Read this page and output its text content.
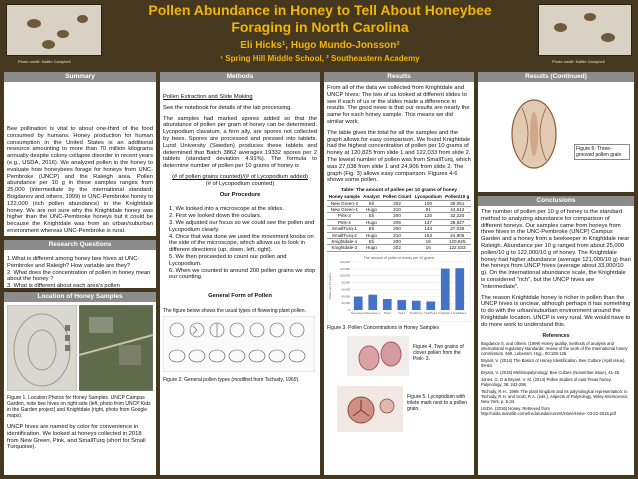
Photo credit: Kaitlin Campbell	Photo credit: Kaitlin Campbell
Pollen Abundance in Honey to Tell About Honeybee
Foraging in North Carolina
Eli Hicks¹, Hugo Mundo-Jonsson²
¹ Spring Hill Middle School, ² Southeastern Academy
Summary
Bee pollination is vital to about one-third of the food consumed by humans. Honey production for human consumption in the United States is an additional resource amounting to more than 70 million kilograms annually despite colony collapse disorder in recent years (e.g., USDA, 2016). We analyzed pollen in the honey to evaluate how honeybees forage for honeys from UNC-Pembroke (UNCP) and the Raleigh area. Pollen abundance per 10 g in these samples ranges from 25,000 (intermediate by the international standard; Bogdanov and others, 1999) in UNC-Pembroke honey to 122,000 (rich pollen abundance) in the Knightdale honey. We are not sure why the Knightdale honey was higher than the UNC-Pembroke honeys but it could be because the Knightdale was from an urban/suburban environment whereas UNC-Pembroke is rural.
Research Questions
1.What is different among honey bee hives at UNC-Pembroke and Raleigh? How variable are they?
2. What does the concentration of pollen in honey mean about the honey ?
3. What is different about each area's pollen
Location of Honey Samples
Figure 1. Location Photos for Honey Samples. UNCP Campus Garden, note bee hives on right side (left, photo from UNCP Kids in the Garden project) and Knightdale (right, photo from Google maps).
UNCP hives are named by color for convenience in identification. We looked at honeys collected in 2018 from New Green, Pink, and SmallTurq (short for Small Turquoise).
Methods
Pollen Extraction and Slide Making
See the notebook for details of the lab processing.
The samples had marked spores added so that the abundance of pollen per gram of honey can be determined. Lycopodium clavatum, a fern ally, are spores not collected by bees. Spores are processed and pressed into tablets. Lund University (Sweden) produces these tablets and determined that Batch 3862 averages 19332 spores per 2 tablets (standard deviation 4.91%). The formula to determine number of pollen per 10 grams of honey is
(# of pollen grains counted)/(# of Lycopodium added)
(# of Lycopodium counted)
Our Procedure
1. We looked into a microscope at the slides.
2. First we looked down the oculars.
3. We adjusted our focus so we could see the pollen and Lycopodium clearly.
4. Once that was done we used the movement knobs on the side of the microscope, which allows us to look in different directions (up, down, left, right).
5. We then proceeded to count our pollen and Lycopodium.
6. When we counted to around 200 pollen grains we stop our counting.
General Form of Pollen
The figure below shows the usual types of flowering plant pollen.
Figure 2: General pollen types (modified from Tschudy, 1969).
Results
From all of the data we collected from Knightdale and UNCP hives: The two of us looked at different slides to see if each of us or the slides made a difference in results. The good news is that our results are nearly the same for each honey sample. This means we did similar work.
The table gives the total for all the samples and the graph allows for easy comparison. We found Knightdale had the highest concentration of pollen per 10 grams of honey at 120,825 from slide 1 and 122,033 from slide 2. The lowest number of pollen was from SmallTurq, which was 27,038 from slide 1 and 24,906 from slide 2. The graph (Fig. 3) allows easy comparison. Figures 4-6 shows some pollen.
Table: The amount of pollen per 10 grams of honey
Honey sample	Analyst	Pollen Count	Lycopodium	Pollen/10 g
New Green-2	Eli	202	100	39,051
New Green-1	Hugo	210	91	44,612
Pink-3	Eli	200	120	32,220
Pink-4	Hugo	205	137	28,927
SmallTurq-1	Eli	200	143	27,038
SmallTurq-2	Hugo	210	163	24,906
Knightdale-1	Eli	200	16	120,825
Knightdale-2	Hugo	202	16	122,033
The amount of pollen in honey per 10 grams
140,000
120,000
100,000
80,000
60,000
40,000
20,000
0
Pollen per 10 grams
New Green-2 New Green-1 Pink-3	Pink-4 SmallTurq-1 SmallTurq-2 Knightdale-1 Knightdale-2
Figure 3. Pollen Concentrations in Honey Samples
Figure 4. Two grains of clover pollen from the Pink- 3.
Figure 5. Lycopodium with trilete mark next to a pollen grain.
Results (Continued)
Figure 6: Three-grooved pollen grain
Conclusions
The number of pollen per 10 g of honey is the standard method to analyzing abundance for comparison of different honeys. Our samples came from honeys from three hives in the UNC-Pembroke (UNCP) Campus Garden and a honey from a beekeeper in Knightdale near Raleigh. Abundance per 10 g ranged from about 25,000 pollen/10 g to 122,000/10 g of honey. The Knightdale honey had higher abundance (average 121,000/10 g) than the honeys from UNCP hives (average about 33,000/10 g). On the international abundance scale, the Knightdale is considered "rich", but the UNCP hives are "intermediate".
The reason Knightdale honey is richer in pollen than the UNCP hives is unclear, although perhaps it has something to do with the urban/suburban environment around the Knightdale location. UNCP is very rural. We would have to do more work to understand this.
References
Bogdanov S. and others. (1999) Honey quality, methods of analysis and international regulatory standards: review of the work of the International honey commission. Mitt. Lebensm. Hyg., 90:108-125.
Bryant, V. (2014) The Basics of Honey Identification. Bee Culture (April issue), 59-63.
Bryant, V. (2018) Melissopalynology. Bee Culture (November issue), 41-45.
Jones, G. D & Bryant, V. M. (2014) Pollen studies of east Texas honey. Palynology, 38: 242-258.
Tschudy, R.H., 1969. The plant kingdom and its palynological representation: in Tschudy, R.H. and Scott, R.A. (eds.), Aspects of Palynology, Wiley-Interscience, New York, p. 5-34.
USDA. (2016) Honey. Retrieved from http://usda.mannlib.cornell.edu/usda/current/Hone/Hone- 03-22-2016.pdf
